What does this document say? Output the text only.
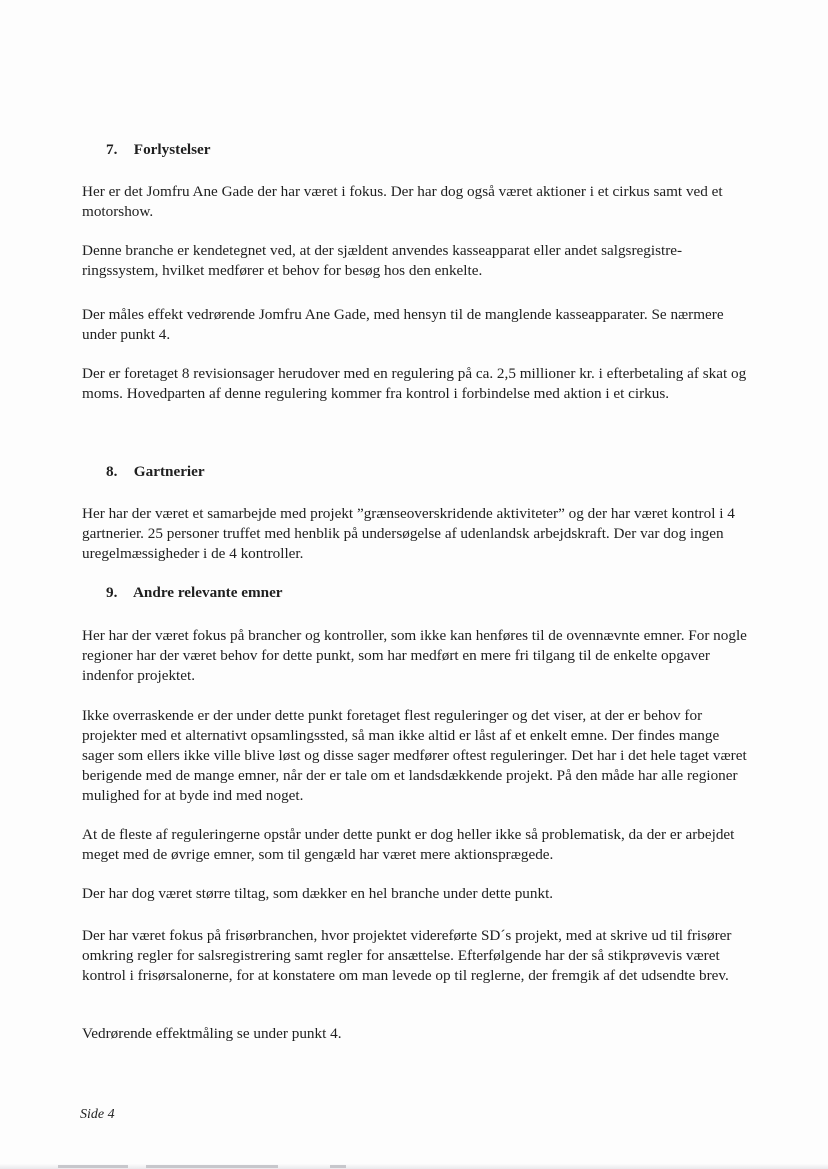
7. Forlystelser

Her er det Jomfru Ane Gade der har været i fokus. Der har dog også været aktioner i et cirkus samt ved et motorshow.

Denne branche er kendetegnet ved, at der sjældent anvendes kasseapparat eller andet salgsregistre-ringssystem, hvilket medfører et behov for besøg hos den enkelte.

Der måles effekt vedrørende Jomfru Ane Gade, med hensyn til de manglende kasseapparater. Se nærmere under punkt 4.

Der er foretaget 8 revisionsager herudover med en regulering på ca. 2,5 millioner kr. i efterbetaling af skat og moms. Hovedparten af denne regulering kommer fra kontrol i forbindelse med aktion i et cirkus.

8. Gartnerier

Her har der været et samarbejde med projekt ”grænseoverskridende aktiviteter” og der har været kontrol i 4 gartnerier. 25 personer truffet med henblik på undersøgelse af udenlandsk arbejdskraft. Der var dog ingen uregelmæssigheder i de 4 kontroller.

9. Andre relevante emner

Her har der været fokus på brancher og kontroller, som ikke kan henføres til de ovennævnte emner. For nogle regioner har der været behov for dette punkt, som har medført en mere fri tilgang til de enkelte opgaver indenfor projektet.

Ikke overraskende er der under dette punkt foretaget flest reguleringer og det viser, at der er behov for projekter med et alternativt opsamlingssted, så man ikke altid er låst af et enkelt emne. Der findes mange sager som ellers ikke ville blive løst og disse sager medfører oftest reguleringer. Det har i det hele taget været berigende med de mange emner, når der er tale om et landsdækkende projekt. På den måde har alle regioner mulighed for at byde ind med noget.

At de fleste af reguleringerne opstår under dette punkt er dog heller ikke så problematisk, da der er arbejdet meget med de øvrige emner, som til gengæld har været mere aktionsprægede.

Der har dog været større tiltag, som dækker en hel branche under dette punkt.

Der har været fokus på frisørbranchen, hvor projektet videreførte SD´s projekt, med at skrive ud til frisører omkring regler for salsregistrering samt regler for ansættelse. Efterfølgende har der så stikprøvevis været kontrol i frisørsalonerne, for at konstatere om man levede op til reglerne, der fremgik af det udsendte brev.

Vedrørende effektmåling se under punkt 4.

Side 4
